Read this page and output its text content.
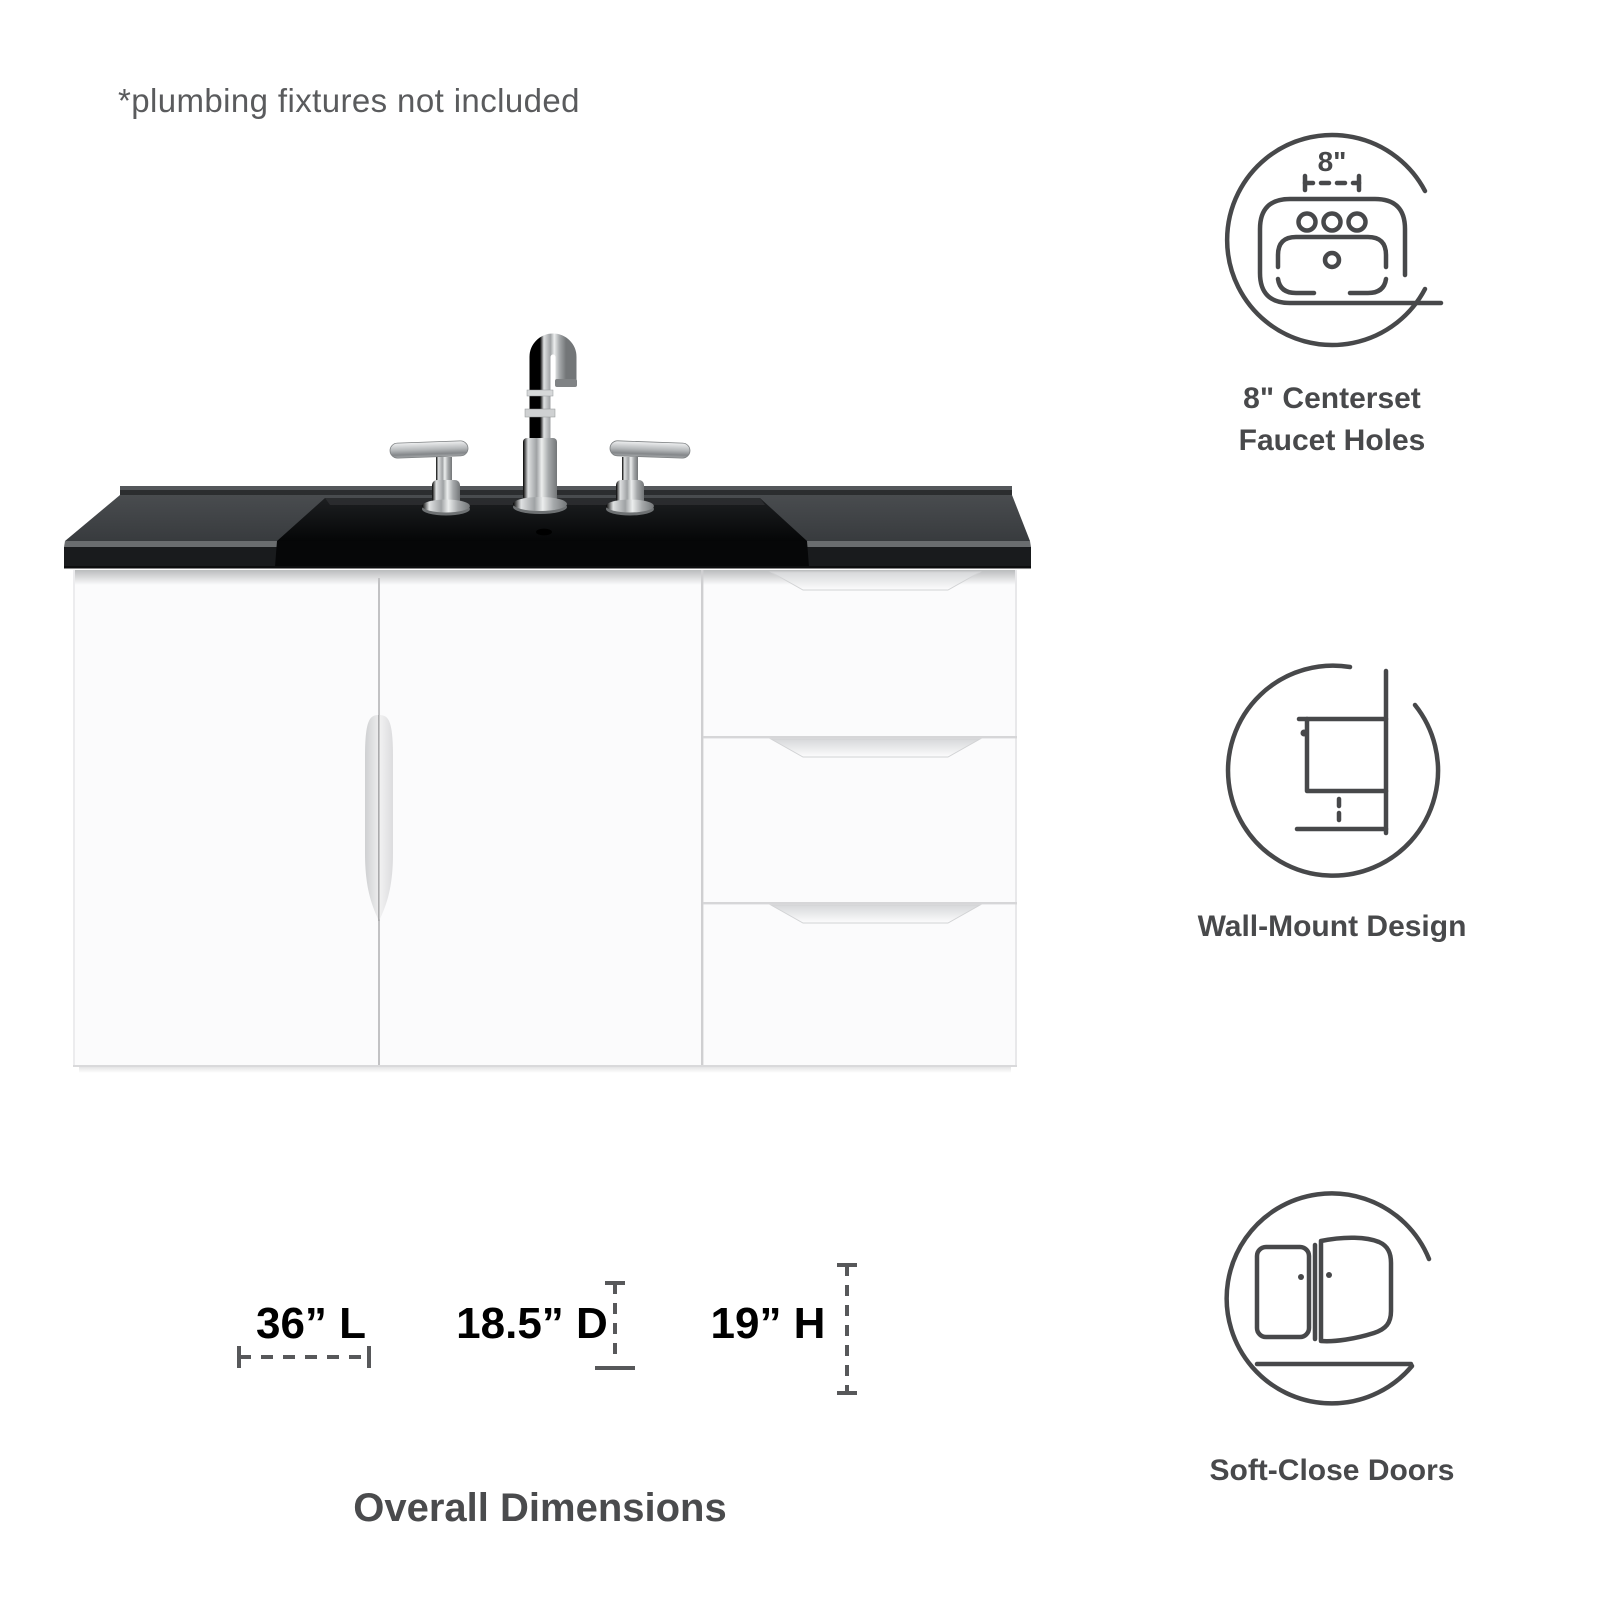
*plumbing fixtures not included
8"
8" Centerset
Faucet Holes
Wall-Mount Design
Soft-Close Doors
36” L	18.5” D	19” H
Overall Dimensions
